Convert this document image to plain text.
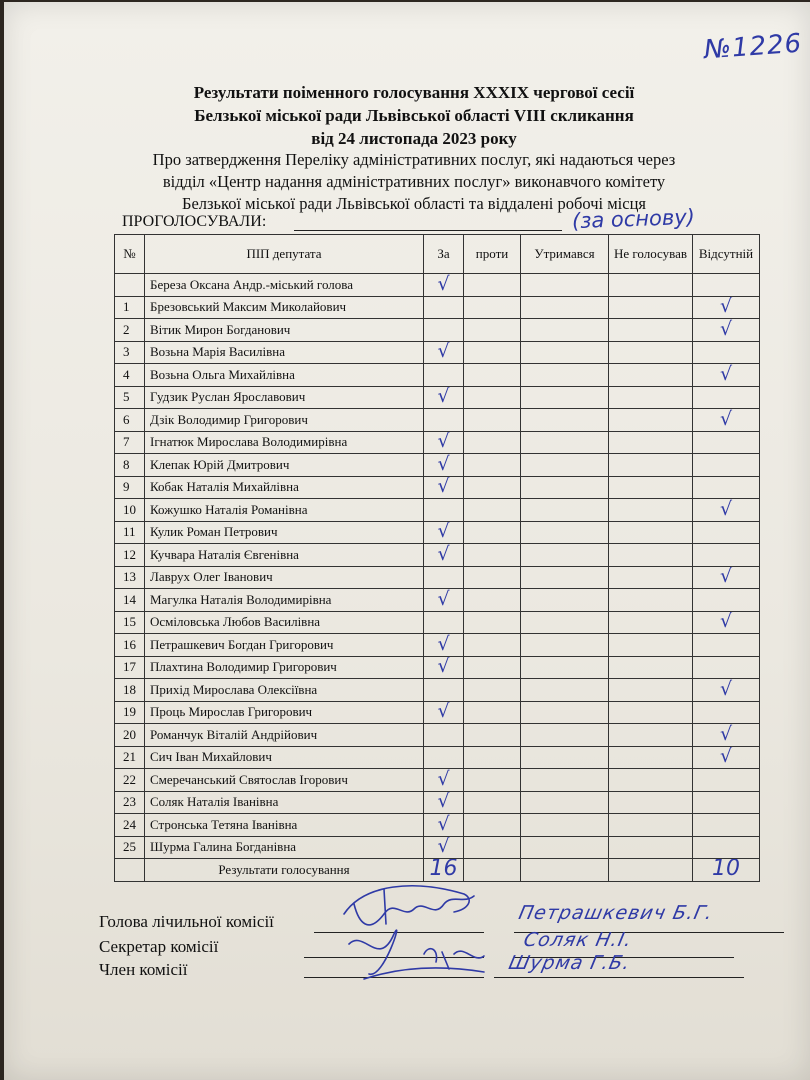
№1226
Результати поіменного голосування XXXIX чергової сесії
Белзької міської ради Львівської області VIII скликання
від 24 листопада 2023 року
Про затвердження Переліку адміністративних послуг, які надаються через
відділ «Центр надання адміністративних послуг» виконавчого комітету
Белзької міської ради Львівської області та віддалені робочі місця
ПРОГОЛОСУВАЛИ:	(за основу)
№	ПІП депутата	За	проти	Утримався	Не голосував	Відсутній
	Береза Оксана Андр.-міський голова	√				
1	Брезовський Максим Миколайович					√
2	Вітик Мирон Богданович					√
3	Возьна Марія Василівна	√				
4	Возьна Ольга Михайлівна					√
5	Гудзик Руслан Ярославович	√				
6	Дзік Володимир Григорович					√
7	Ігнатюк Мирослава Володимирівна	√				
8	Клепак Юрій Дмитрович	√				
9	Кобак Наталія Михайлівна	√				
10	Кожушко Наталія Романівна					√
11	Кулик Роман Петрович	√				
12	Кучвара Наталія Євгенівна	√				
13	Лаврух Олег Іванович					√
14	Магулка Наталія Володимирівна	√				
15	Осміловська Любов Василівна					√
16	Петрашкевич Богдан Григорович	√				
17	Плахтина Володимир Григорович	√				
18	Прихід Мирослава Олексіївна					√
19	Проць Мирослав Григорович	√				
20	Романчук Віталій Андрійович					√
21	Сич Іван Михайлович					√
22	Смеречанський Святослав Ігорович	√				
23	Соляк Наталія Іванівна	√				
24	Стронська Тетяна Іванівна	√				
25	Шурма Галина Богданівна	√				
	Результати голосування	16				10
Голова лічильної комісії	Петрашкевич Б.Г.
Секретар комісії	Соляк Н.І.
Член комісії	Шурма Г.Б.
